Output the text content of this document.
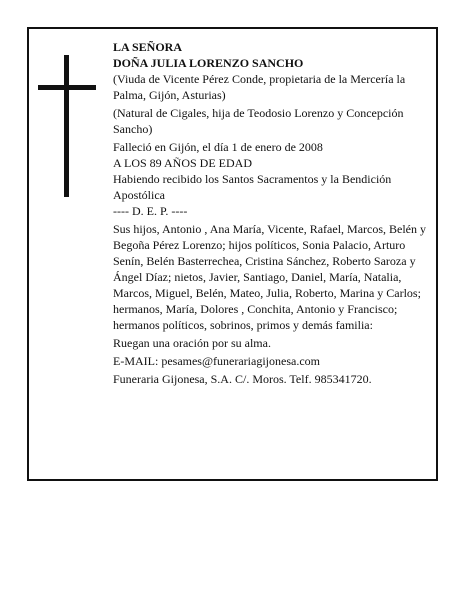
LA SEÑORA

DOÑA JULIA LORENZO SANCHO

(Viuda de Vicente Pérez Conde, propietaria de la Mercería la Palma, Gijón, Asturias)

(Natural de Cigales, hija de Teodosio Lorenzo y Concepción Sancho)

Falleció en Gijón, el día 1 de enero de 2008

A LOS 89 AÑOS DE EDAD

Habiendo recibido los Santos Sacramentos y la Bendición Apostólica

---- D. E. P. ----

Sus hijos, Antonio , Ana María, Vicente, Rafael, Marcos, Belén y Begoña Pérez Lorenzo; hijos políticos, Sonia Palacio, Arturo Senín, Belén Basterrechea, Cristina Sánchez, Roberto Saroza y Ángel Díaz; nietos, Javier, Santiago, Daniel, María, Natalia, Marcos, Miguel, Belén, Mateo, Julia, Roberto, Marina y Carlos; hermanos, María, Dolores , Conchita, Antonio y Francisco; hermanos políticos, sobrinos, primos y demás familia:

Ruegan una oración por su alma.

E-MAIL: pesames@funerariagijonesa.com

Funeraria Gijonesa, S.A. C/. Moros. Telf. 985341720.
